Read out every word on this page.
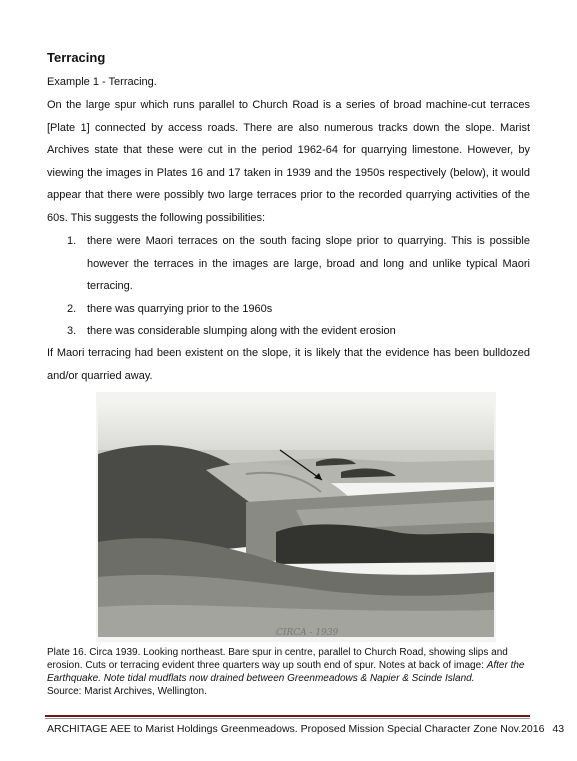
Terracing
Example 1 - Terracing.
On the large spur which runs parallel to Church Road is a series of broad machine-cut terraces [Plate 1] connected by access roads. There are also numerous tracks down the slope. Marist Archives state that these were cut in the period 1962-64 for quarrying limestone. However, by viewing the images in Plates 16 and 17 taken in 1939 and the 1950s respectively (below), it would appear that there were possibly two large terraces prior to the recorded quarrying activities of the 60s. This suggests the following possibilities:
1. there were Maori terraces on the south facing slope prior to quarrying. This is possible however the terraces in the images are large, broad and long and unlike typical Maori terracing.
2. there was quarrying prior to the 1960s
3. there was considerable slumping along with the evident erosion
If Maori terracing had been existent on the slope, it is likely that the evidence has been bulldozed and/or quarried away.
CIRCA - 1939
Plate 16. Circa 1939. Looking northeast. Bare spur in centre, parallel to Church Road, showing slips and erosion. Cuts or terracing evident three quarters way up south end of spur. Notes at back of image: After the Earthquake. Note tidal mudflats now drained between Greenmeadows & Napier & Scinde Island.
Source: Marist Archives, Wellington.
ARCHITAGE AEE to Marist Holdings Greenmeadows. Proposed Mission Special Character Zone Nov.2016 43
